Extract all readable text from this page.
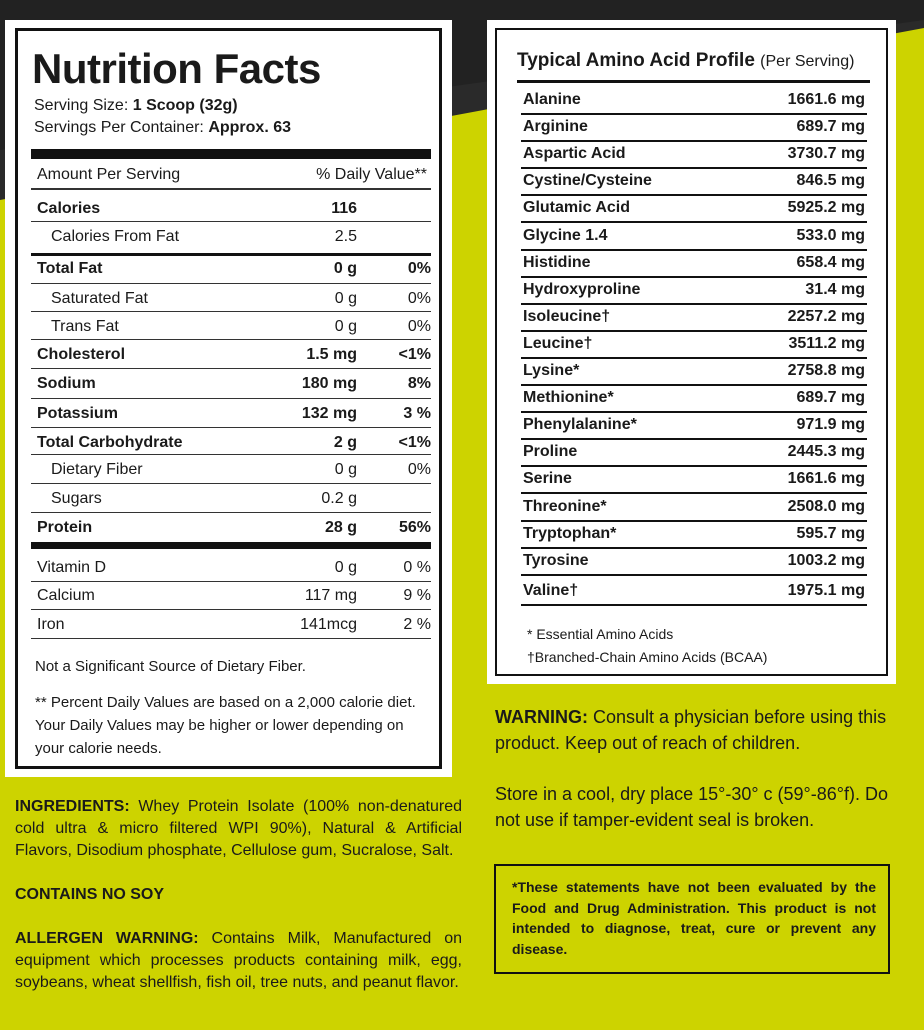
Nutrition Facts
Serving Size: 1 Scoop (32g)
Servings Per Container: Approx. 63
Amount Per Serving	% Daily Value**
Calories	116
Calories From Fat	2.5
Total Fat	0 g	0%
Saturated Fat	0 g	0%
Trans Fat	0 g	0%
Cholesterol	1.5 mg	<1%
Sodium	180 mg	8%
Potassium	132 mg	3 %
Total Carbohydrate	2 g	<1%
Dietary Fiber	0 g	0%
Sugars	0.2 g
Protein	28 g	56%
Vitamin D	0 g	0 %
Calcium	117 mg	9 %
Iron	141mcg	2 %
Not a Significant Source of Dietary Fiber.
** Percent Daily Values are based on a 2,000 calorie diet. Your Daily Values may be higher or lower depending on your calorie needs.
Typical Amino Acid Profile (Per Serving)
Alanine	1661.6 mg
Arginine	689.7 mg
Aspartic Acid	3730.7 mg
Cystine/Cysteine	846.5 mg
Glutamic Acid	5925.2 mg
Glycine 1.4	533.0 mg
Histidine	658.4 mg
Hydroxyproline	31.4 mg
Isoleucine†	2257.2 mg
Leucine†	3511.2 mg
Lysine*	2758.8 mg
Methionine*	689.7 mg
Phenylalanine*	971.9 mg
Proline	2445.3 mg
Serine	1661.6 mg
Threonine*	2508.0 mg
Tryptophan*	595.7 mg
Tyrosine	1003.2 mg
Valine†	1975.1 mg
* Essential Amino Acids
†Branched-Chain Amino Acids (BCAA)
INGREDIENTS: Whey Protein Isolate (100% non-denatured cold ultra & micro filtered WPI 90%), Natural & Artificial Flavors, Disodium phosphate, Cellulose gum, Sucralose, Salt.
CONTAINS NO SOY
ALLERGEN WARNING: Contains Milk, Manufactured on equipment which processes products containing milk, egg, soybeans, wheat shellfish, fish oil, tree nuts, and peanut flavor.
WARNING: Consult a physician before using this product. Keep out of reach of children.
Store in a cool, dry place 15°-30° c (59°-86°f). Do not use if tamper-evident seal is broken.
*These statements have not been evaluated by the Food and Drug Administration. This product is not intended to diagnose, treat, cure or prevent any disease.
